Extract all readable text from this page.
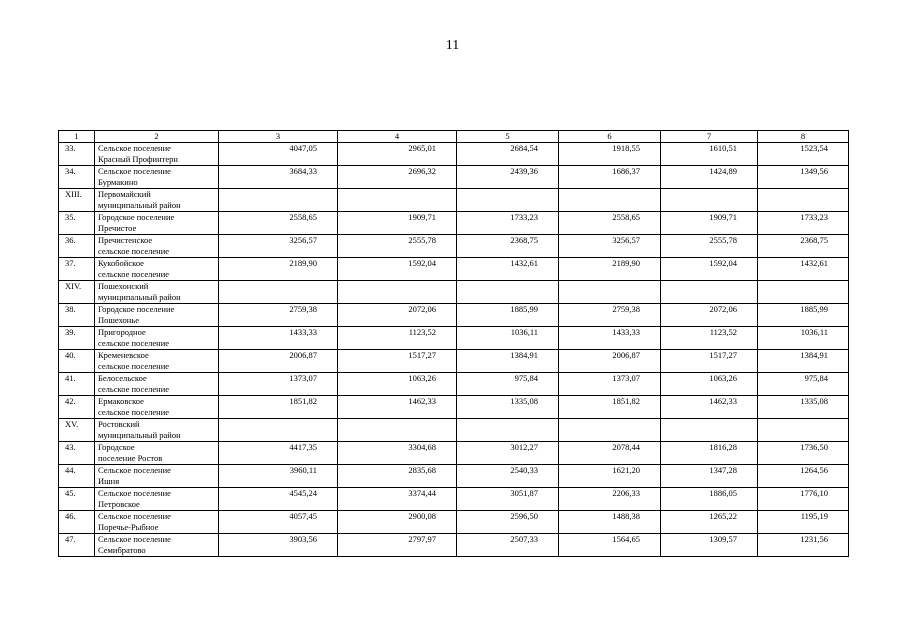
11
1	2	3	4	5	6	7	8
33.	Сельское поселение
Красный Профинтерн	4047,05	2965,01	2684,54	1918,55	1610,51	1523,54
34.	Сельское поселение
Бурмакино	3684,33	2696,32	2439,36	1686,37	1424,89	1349,56
XIII.	Первомайский
муниципальный район						

35.	Городское поселение
Пречистое	2558,65	1909,71	1733,23	2558,65	1909,71	1733,23
36.	Пречистенское
сельское поселение	3256,57	2555,78	2368,75	3256,57	2555,78	2368,75
37.	Кукобойское
сельское поселение	2189,90	1592,04	1432,61	2189,90	1592,04	1432,61
XIV.	Пошехонский
муниципальный район						

38.	Городское поселение
Пошехонье	2759,38	2072,06	1885,99	2759,38	2072,06	1885,99
39.	Пригородное
сельское поселение	1433,33	1123,52	1036,11	1433,33	1123,52	1036,11
40.	Кременевское
сельское поселение	2006,87	1517,27	1384,91	2006,87	1517,27	1384,91
41.	Белосельское
сельское поселение	1373,07	1063,26	975,84	1373,07	1063,26	975,84
42.	Ермаковское
сельское поселение	1851,82	1462,33	1335,08	1851,82	1462,33	1335,08
XV.	Ростовский
муниципальный район						

43.	Городское
поселение Ростов	4417,35	3304,68	3012,27	2078,44	1816,28	1736,50
44.	Сельское поселение
Ишня	3960,11	2835,68	2540,33	1621,20	1347,28	1264,56
45.	Сельское поселение
Петровское	4545,24	3374,44	3051,87	2206,33	1886,05	1776,10
46.	Сельское поселение
Поречье-Рыбное	4057,45	2900,08	2596,50	1488,38	1265,22	1195,19
47.	Сельское поселение
Семибратово	3903,56	2797,97	2507,33	1564,65	1309,57	1231,56
